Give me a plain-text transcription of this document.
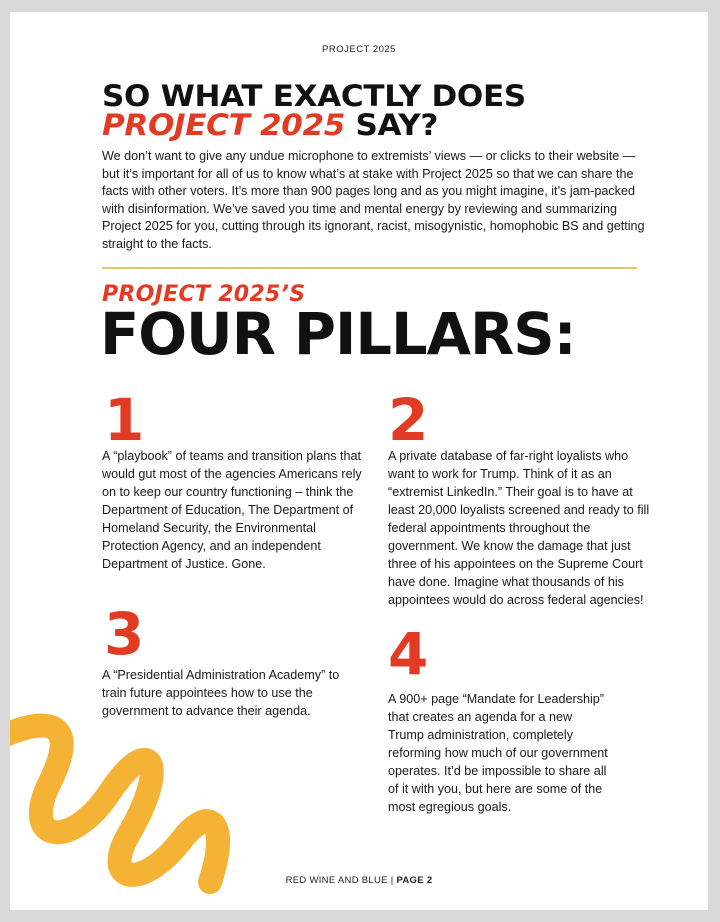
PROJECT 2025
SO WHAT EXACTLY DOES
PROJECT 2025 SAY?
We don’t want to give any undue microphone to extremists’ views — or clicks to their website — but it’s important for all of us to know what’s at stake with Project 2025 so that we can share the facts with other voters. It’s more than 900 pages long and as you might imagine, it’s jam-packed with disinformation. We’ve saved you time and mental energy by reviewing and summarizing Project 2025 for you, cutting through its ignorant, racist, misogynistic, homophobic BS and getting straight to the facts.
PROJECT 2025’S
FOUR PILLARS:
1
A “playbook” of teams and transition plans that would gut most of the agencies Americans rely on to keep our country functioning – think the Department of Education, The Department of Homeland Security, the Environmental Protection Agency, and an independent Department of Justice. Gone.
2
A private database of far-right loyalists who want to work for Trump. Think of it as an “extremist LinkedIn.” Their goal is to have at least 20,000 loyalists screened and ready to fill federal appointments throughout the government. We know the damage that just three of his appointees on the Supreme Court have done. Imagine what thousands of his appointees would do across federal agencies!
3
A “Presidential Administration Academy” to train future appointees how to use the government to advance their agenda.
4
A 900+ page “Mandate for Leadership” that creates an agenda for a new Trump administration, completely reforming how much of our government operates. It’d be impossible to share all of it with you, but here are some of the most egregious goals.
RED WINE AND BLUE | PAGE 2
